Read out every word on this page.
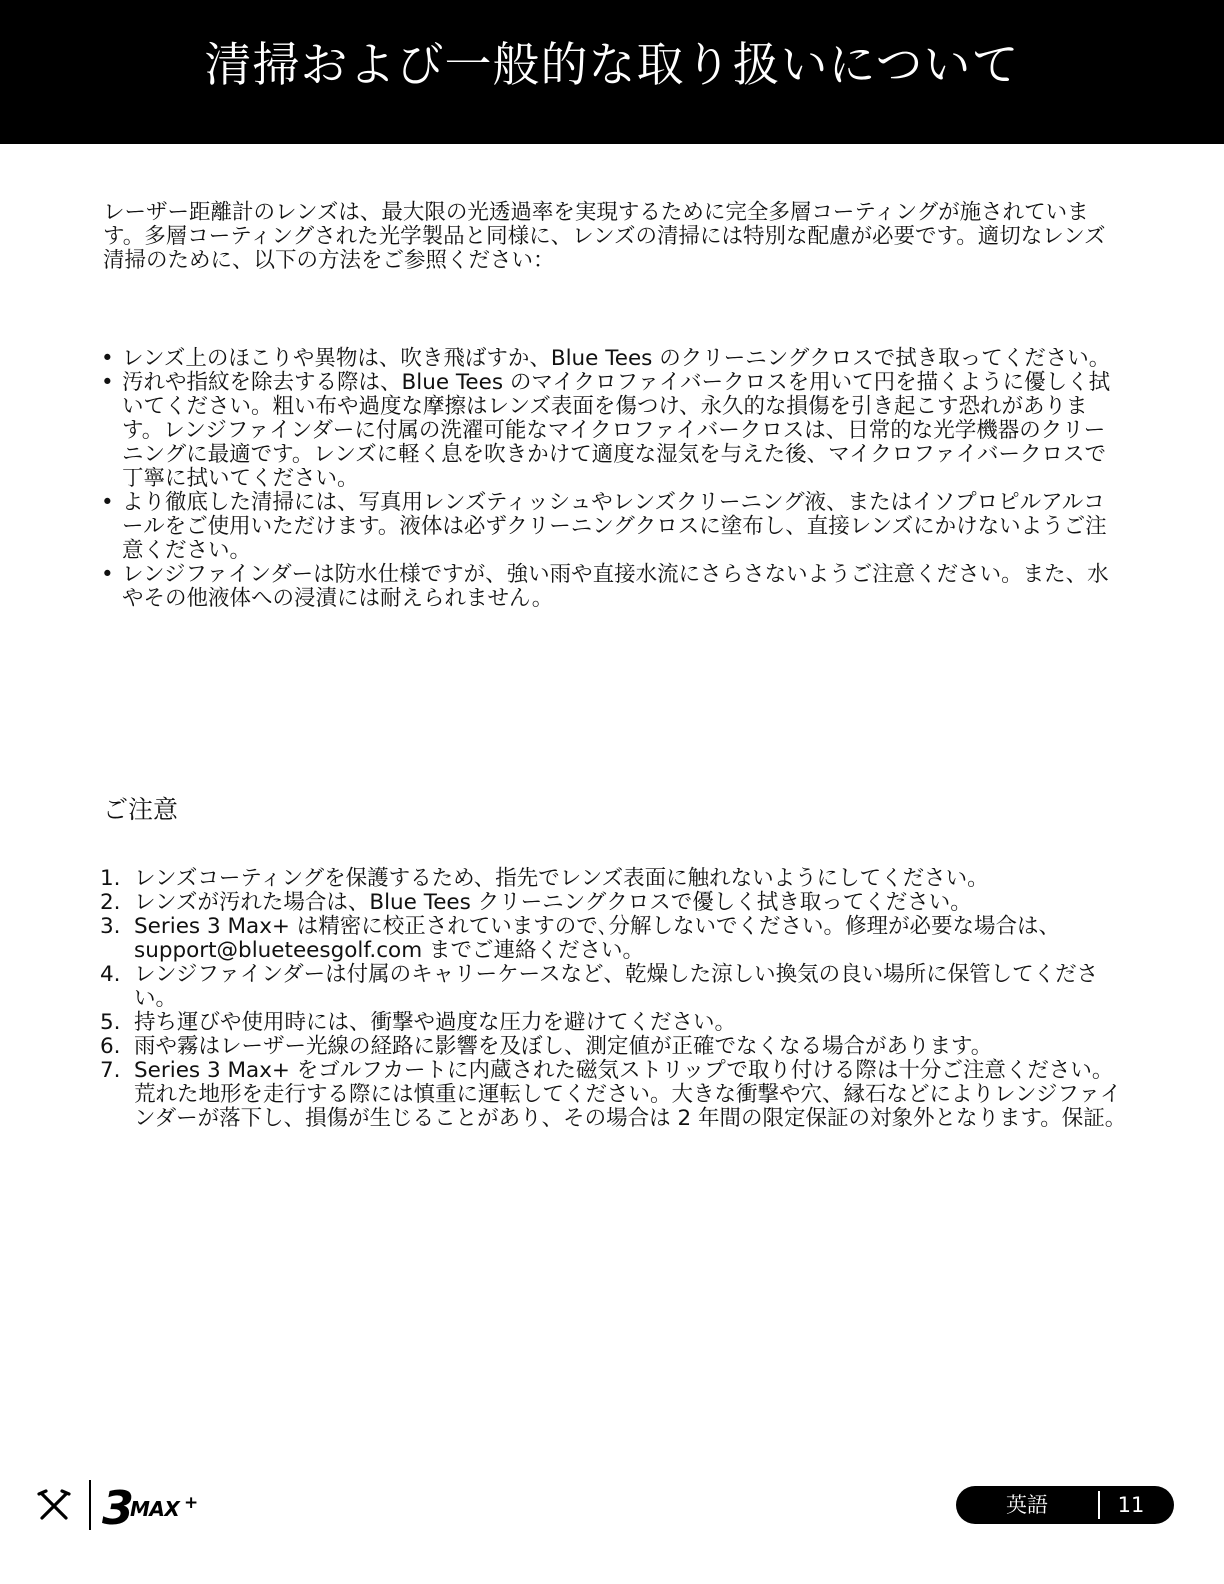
清掃および一般的な取り扱いについて

レーザー距離計のレンズは、最大限の光透過率を実現するために完全多層コーティングが施されています。多層コーティングされた光学製品と同様に、レンズの清掃には特別な配慮が必要です。適切なレンズ清掃のために、以下の方法をご参照ください：

• レンズ上のほこりや異物は、吹き飛ばすか、Blue Tees のクリーニングクロスで拭き取ってください。
• 汚れや指紋を除去する際は、Blue Tees のマイクロファイバークロスを用いて円を描くように優しく拭いてください。粗い布や過度な摩擦はレンズ表面を傷つけ、永久的な損傷を引き起こす恐れがあります。レンジファインダーに付属の洗濯可能なマイクロファイバークロスは、日常的な光学機器のクリーニングに最適です。レンズに軽く息を吹きかけて適度な湿気を与えた後、マイクロファイバークロスで丁寧に拭いてください。
• より徹底した清掃には、写真用レンズティッシュやレンズクリーニング液、またはイソプロピルアルコールをご使用いただけます。液体は必ずクリーニングクロスに塗布し、直接レンズにかけないようご注意ください。
• レンジファインダーは防水仕様ですが、強い雨や直接水流にさらさないようご注意ください。また、水やその他液体への浸漬には耐えられません。
ご注意
1. レンズコーティングを保護するため、指先でレンズ表面に触れないようにしてください。
2. レンズが汚れた場合は、Blue Tees クリーニングクロスで優しく拭き取ってください。
3. Series 3 Max+ は精密に校正されていますので､分解しないでください。修理が必要な場合は、support@blueteesgolf.com までご連絡ください。
4. レンジファインダーは付属のキャリーケースなど、乾燥した涼しい換気の良い場所に保管してください。
5. 持ち運びや使用時には、衝撃や過度な圧力を避けてください。
6. 雨や霧はレーザー光線の経路に影響を及ぼし、測定値が正確でなくなる場合があります。
7. Series 3 Max+ をゴルフカートに内蔵された磁気ストリップで取り付ける際は十分ご注意ください。荒れた地形を走行する際には慎重に運転してください。大きな衝撃や穴、縁石などによりレンジファインダーが落下し、損傷が生じることがあり、その場合は 2 年間の限定保証の対象外となります。保証。
3
MAX +	英語	11
